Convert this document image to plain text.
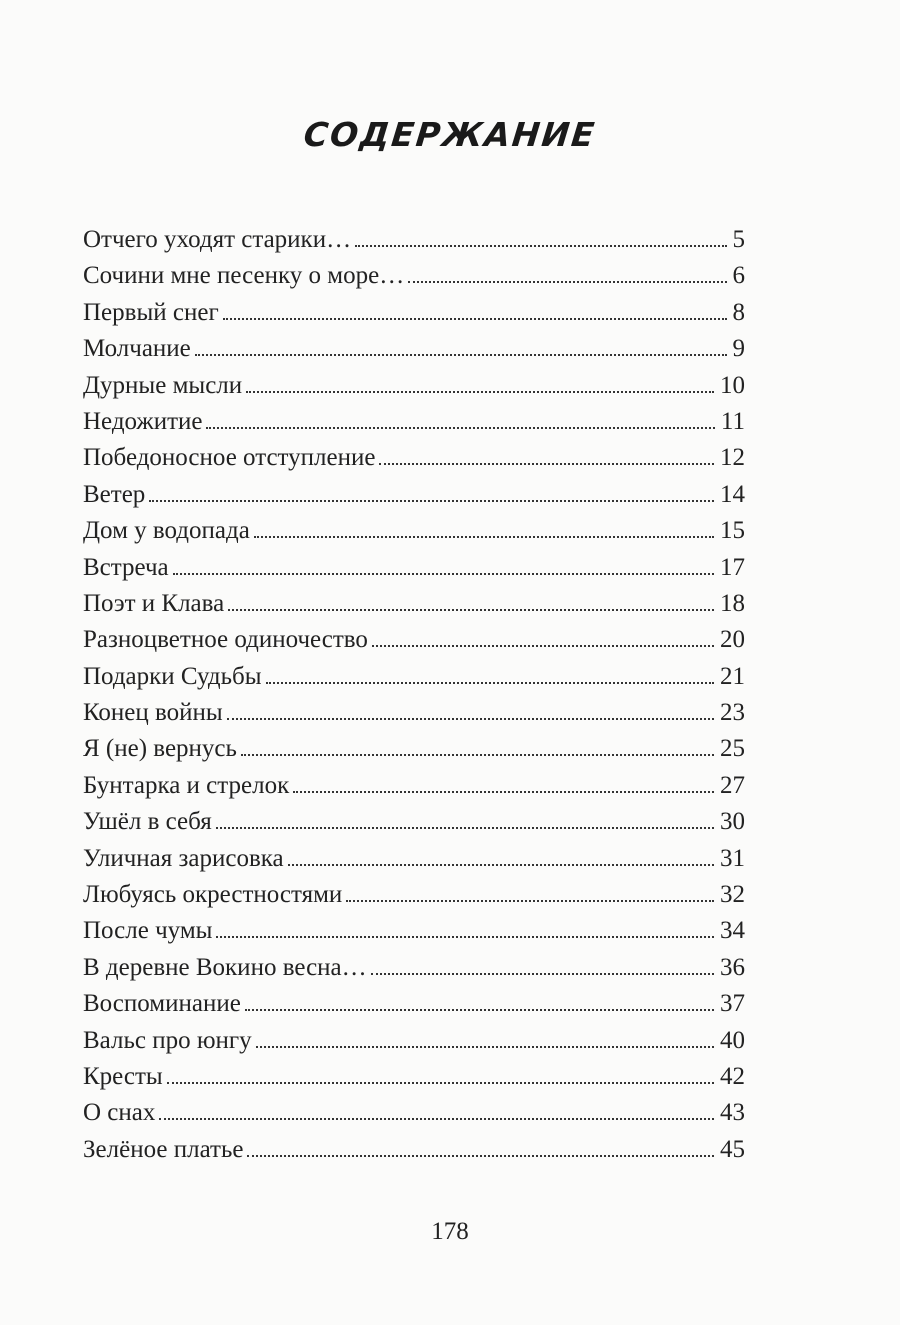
СОДЕРЖАНИЕ
Отчего уходят старики…	5
Сочини мне песенку о море…	6
Первый снег	8
Молчание	9
Дурные мысли	10
Недожитие	11
Победоносное отступление	12
Ветер	14
Дом у водопада	15
Встреча	17
Поэт и Клава	18
Разноцветное одиночество	20
Подарки Судьбы	21
Конец войны	23
Я (не) вернусь	25
Бунтарка и стрелок	27
Ушёл в себя	30
Уличная зарисовка	31
Любуясь окрестностями	32
После чумы	34
В деревне Вокино весна…	36
Воспоминание	37
Вальс про юнгу	40
Кресты	42
О снах	43
Зелёное платье	45
178
